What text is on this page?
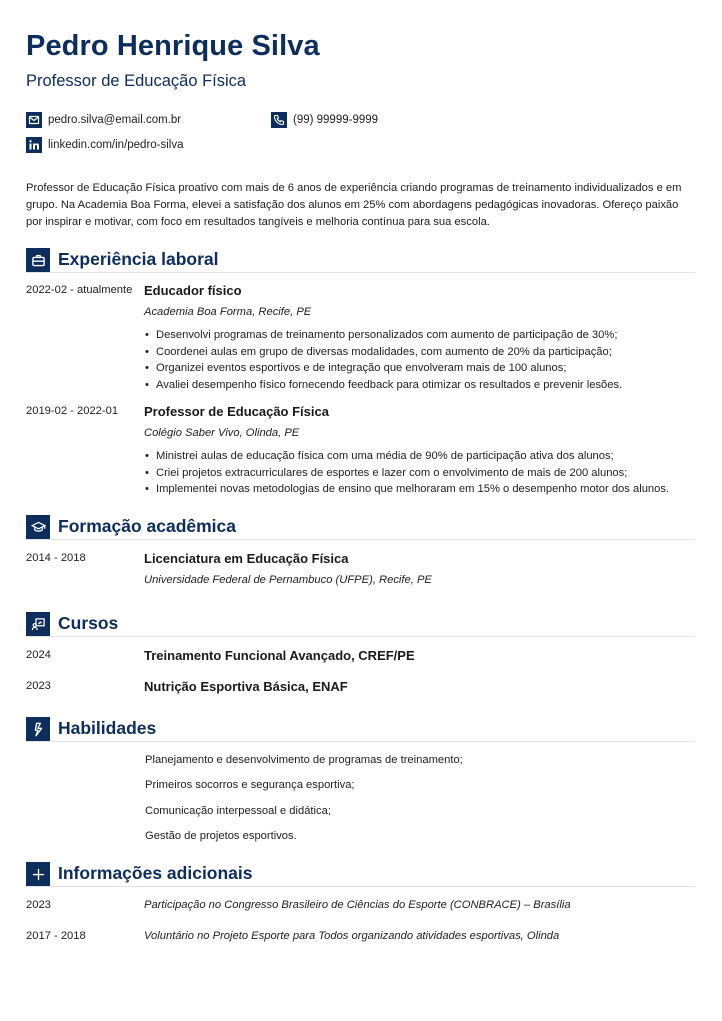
Pedro Henrique Silva
Professor de Educação Física
pedro.silva@email.com.br	(99) 99999-9999
linkedin.com/in/pedro-silva

Professor de Educação Física proativo com mais de 6 anos de experiência criando programas de treinamento individualizados e em grupo. Na Academia Boa Forma, elevei a satisfação dos alunos em 25% com abordagens pedagógicas inovadoras. Ofereço paixão por inspirar e motivar, com foco em resultados tangíveis e melhoria contínua para sua escola.

Experiência laboral
2022-02 - atualmente Educador físico
Academia Boa Forma, Recife, PE
• Desenvolvi programas de treinamento personalizados com aumento de participação de 30%;
• Coordenei aulas em grupo de diversas modalidades, com aumento de 20% da participação;
• Organizei eventos esportivos e de integração que envolveram mais de 100 alunos;
• Avaliei desempenho físico fornecendo feedback para otimizar os resultados e prevenir lesões.
2019-02 - 2022-01 Professor de Educação Física
Colégio Saber Vivo, Olinda, PE
• Ministrei aulas de educação física com uma média de 90% de participação ativa dos alunos;
• Criei projetos extracurriculares de esportes e lazer com o envolvimento de mais de 200 alunos;
• Implementei novas metodologias de ensino que melhoraram em 15% o desempenho motor dos alunos.
Formação acadêmica
2014 - 2018	Licenciatura em Educação Física
Universidade Federal de Pernambuco (UFPE), Recife, PE
Cursos
2024	Treinamento Funcional Avançado, CREF/PE
2023	Nutrição Esportiva Básica, ENAF
Habilidades
Planejamento e desenvolvimento de programas de treinamento;
Primeiros socorros e segurança esportiva;
Comunicação interpessoal e didática;
Gestão de projetos esportivos.
Informações adicionais
2023	Participação no Congresso Brasileiro de Ciências do Esporte (CONBRACE) – Brasília
2017 - 2018	Voluntário no Projeto Esporte para Todos organizando atividades esportivas, Olinda
